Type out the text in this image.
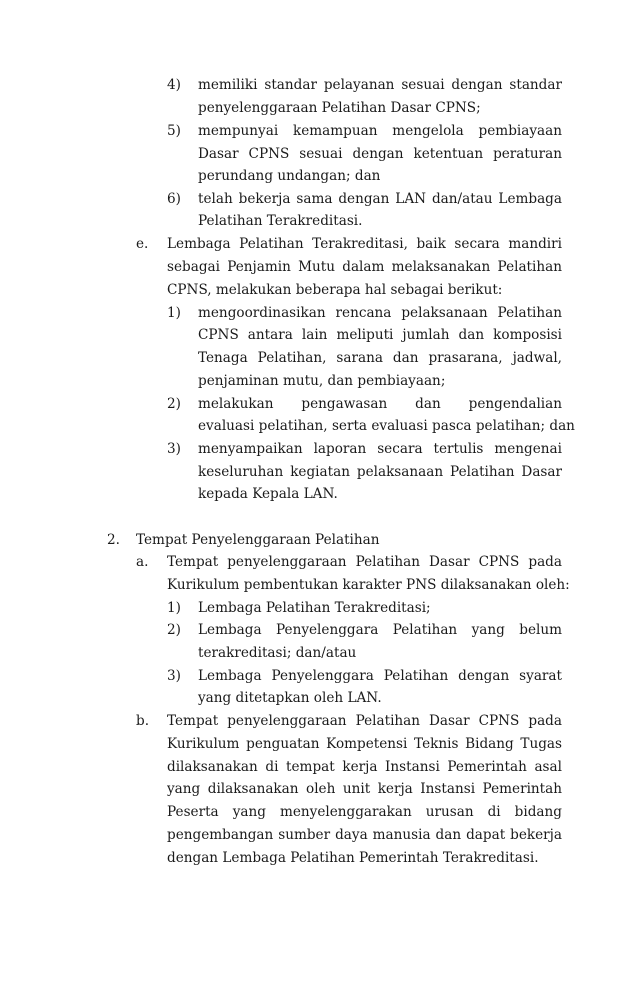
4)
5)
6)
e.
1)
2)
3)
2.
a.
1)
2)
3)
b.
memiliki standar pelayanan sesuai dengan standar
penyelenggaraan Pelatihan Dasar CPNS;
mempunyai kemampuan mengelola pembiayaan
Dasar CPNS sesuai dengan ketentuan peraturan
perundang undangan; dan
telah bekerja sama dengan LAN dan/atau Lembaga
Pelatihan Terakreditasi.
Lembaga Pelatihan Terakreditasi, baik secara mandiri
sebagai Penjamin Mutu dalam melaksanakan Pelatihan
CPNS, melakukan beberapa hal sebagai berikut:
mengoordinasikan rencana pelaksanaan Pelatihan
CPNS antara lain meliputi jumlah dan komposisi
Tenaga Pelatihan, sarana dan prasarana, jadwal,
penjaminan mutu, dan pembiayaan;
melakukan pengawasan dan pengendalian
evaluasi pelatihan, serta evaluasi pasca pelatihan; dan
menyampaikan laporan secara tertulis mengenai
keseluruhan kegiatan pelaksanaan Pelatihan Dasar
kepada Kepala LAN.
Tempat Penyelenggaraan Pelatihan
Tempat penyelenggaraan Pelatihan Dasar CPNS pada
Kurikulum pembentukan karakter PNS dilaksanakan oleh:
Lembaga Pelatihan Terakreditasi;
Lembaga Penyelenggara Pelatihan yang belum
terakreditasi; dan/atau
Lembaga Penyelenggara Pelatihan dengan syarat
yang ditetapkan oleh LAN.
Tempat penyelenggaraan Pelatihan Dasar CPNS pada
Kurikulum penguatan Kompetensi Teknis Bidang Tugas
dilaksanakan di tempat kerja Instansi Pemerintah asal
yang dilaksanakan oleh unit kerja Instansi Pemerintah
Peserta yang menyelenggarakan urusan di bidang
pengembangan sumber daya manusia dan dapat bekerja
dengan Lembaga Pelatihan Pemerintah Terakreditasi.
